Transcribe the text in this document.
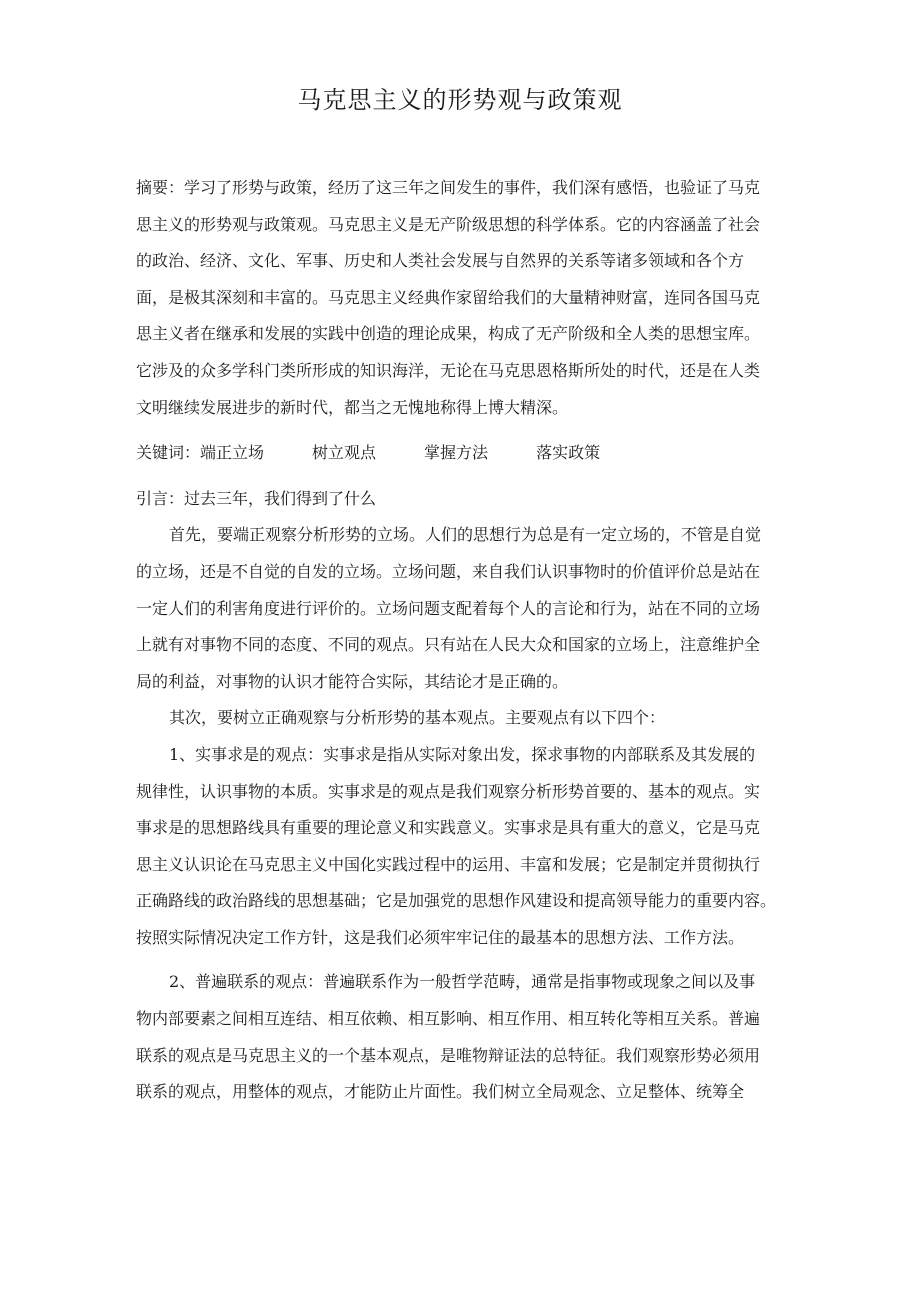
马克思主义的形势观与政策观
摘要：学习了形势与政策，经历了这三年之间发生的事件，我们深有感悟，也验证了马克
思主义的形势观与政策观。马克思主义是无产阶级思想的科学体系。它的内容涵盖了社会
的政治、经济、文化、军事、历史和人类社会发展与自然界的关系等诸多领域和各个方
面，是极其深刻和丰富的。马克思主义经典作家留给我们的大量精神财富，连同各国马克
思主义者在继承和发展的实践中创造的理论成果，构成了无产阶级和全人类的思想宝库。
它涉及的众多学科门类所形成的知识海洋，无论在马克思恩格斯所处的时代，还是在人类
文明继续发展进步的新时代，都当之无愧地称得上博大精深。
关键词：端正立场	树立观点	掌握方法	落实政策
引言：过去三年，我们得到了什么
首先，要端正观察分析形势的立场。人们的思想行为总是有一定立场的，不管是自觉
的立场，还是不自觉的自发的立场。立场问题，来自我们认识事物时的价值评价总是站在
一定人们的利害角度进行评价的。立场问题支配着每个人的言论和行为，站在不同的立场
上就有对事物不同的态度、不同的观点。只有站在人民大众和国家的立场上，注意维护全
局的利益，对事物的认识才能符合实际，其结论才是正确的。
其次，要树立正确观察与分析形势的基本观点。主要观点有以下四个：
1、实事求是的观点：实事求是指从实际对象出发，探求事物的内部联系及其发展的
规律性，认识事物的本质。实事求是的观点是我们观察分析形势首要的、基本的观点。实
事求是的思想路线具有重要的理论意义和实践意义。实事求是具有重大的意义，它是马克
思主义认识论在马克思主义中国化实践过程中的运用、丰富和发展；它是制定并贯彻执行
正确路线的政治路线的思想基础；它是加强党的思想作风建设和提高领导能力的重要内容。
按照实际情况决定工作方针，这是我们必须牢牢记住的最基本的思想方法、工作方法。
2、普遍联系的观点：普遍联系作为一般哲学范畴，通常是指事物或现象之间以及事
物内部要素之间相互连结、相互依赖、相互影响、相互作用、相互转化等相互关系。普遍
联系的观点是马克思主义的一个基本观点，是唯物辩证法的总特征。我们观察形势必须用
联系的观点，用整体的观点，才能防止片面性。我们树立全局观念、立足整体、统筹全
